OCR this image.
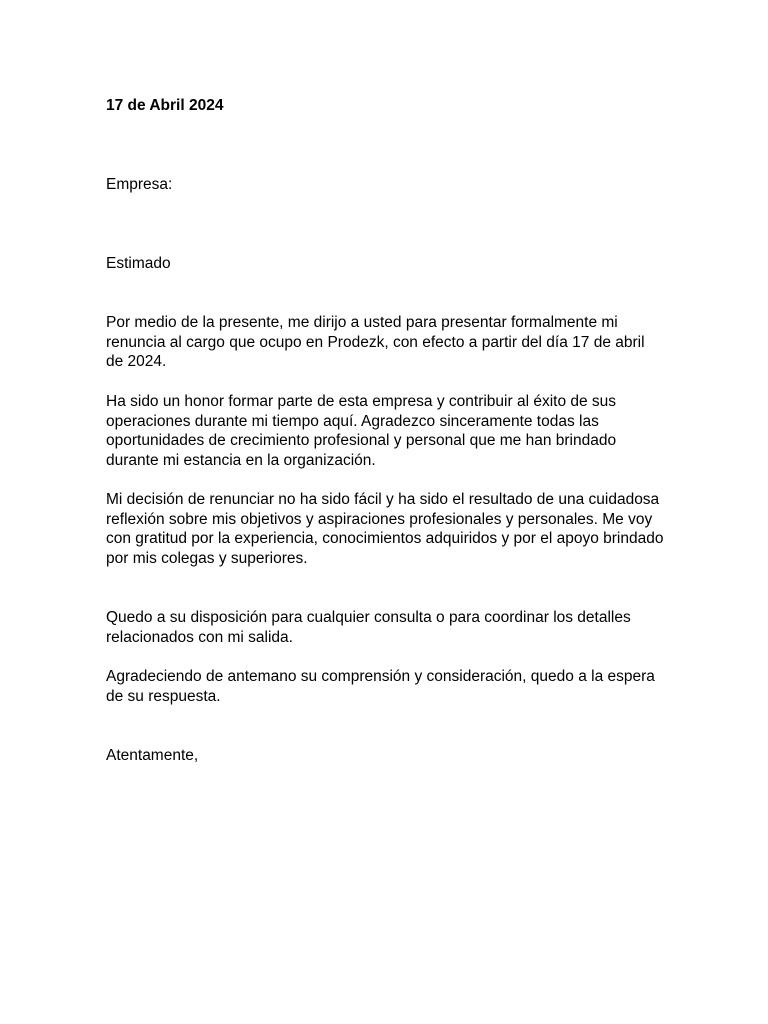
17 de Abril 2024

Empresa:

Estimado

Por medio de la presente, me dirijo a usted para presentar formalmente mi renuncia al cargo que ocupo en Prodezk, con efecto a partir del día 17 de abril de 2024.

Ha sido un honor formar parte de esta empresa y contribuir al éxito de sus operaciones durante mi tiempo aquí. Agradezco sinceramente todas las oportunidades de crecimiento profesional y personal que me han brindado durante mi estancia en la organización.

Mi decisión de renunciar no ha sido fácil y ha sido el resultado de una cuidadosa reflexión sobre mis objetivos y aspiraciones profesionales y personales. Me voy con gratitud por la experiencia, conocimientos adquiridos y por el apoyo brindado por mis colegas y superiores.

Quedo a su disposición para cualquier consulta o para coordinar los detalles relacionados con mi salida.

Agradeciendo de antemano su comprensión y consideración, quedo a la espera de su respuesta.

Atentamente,
